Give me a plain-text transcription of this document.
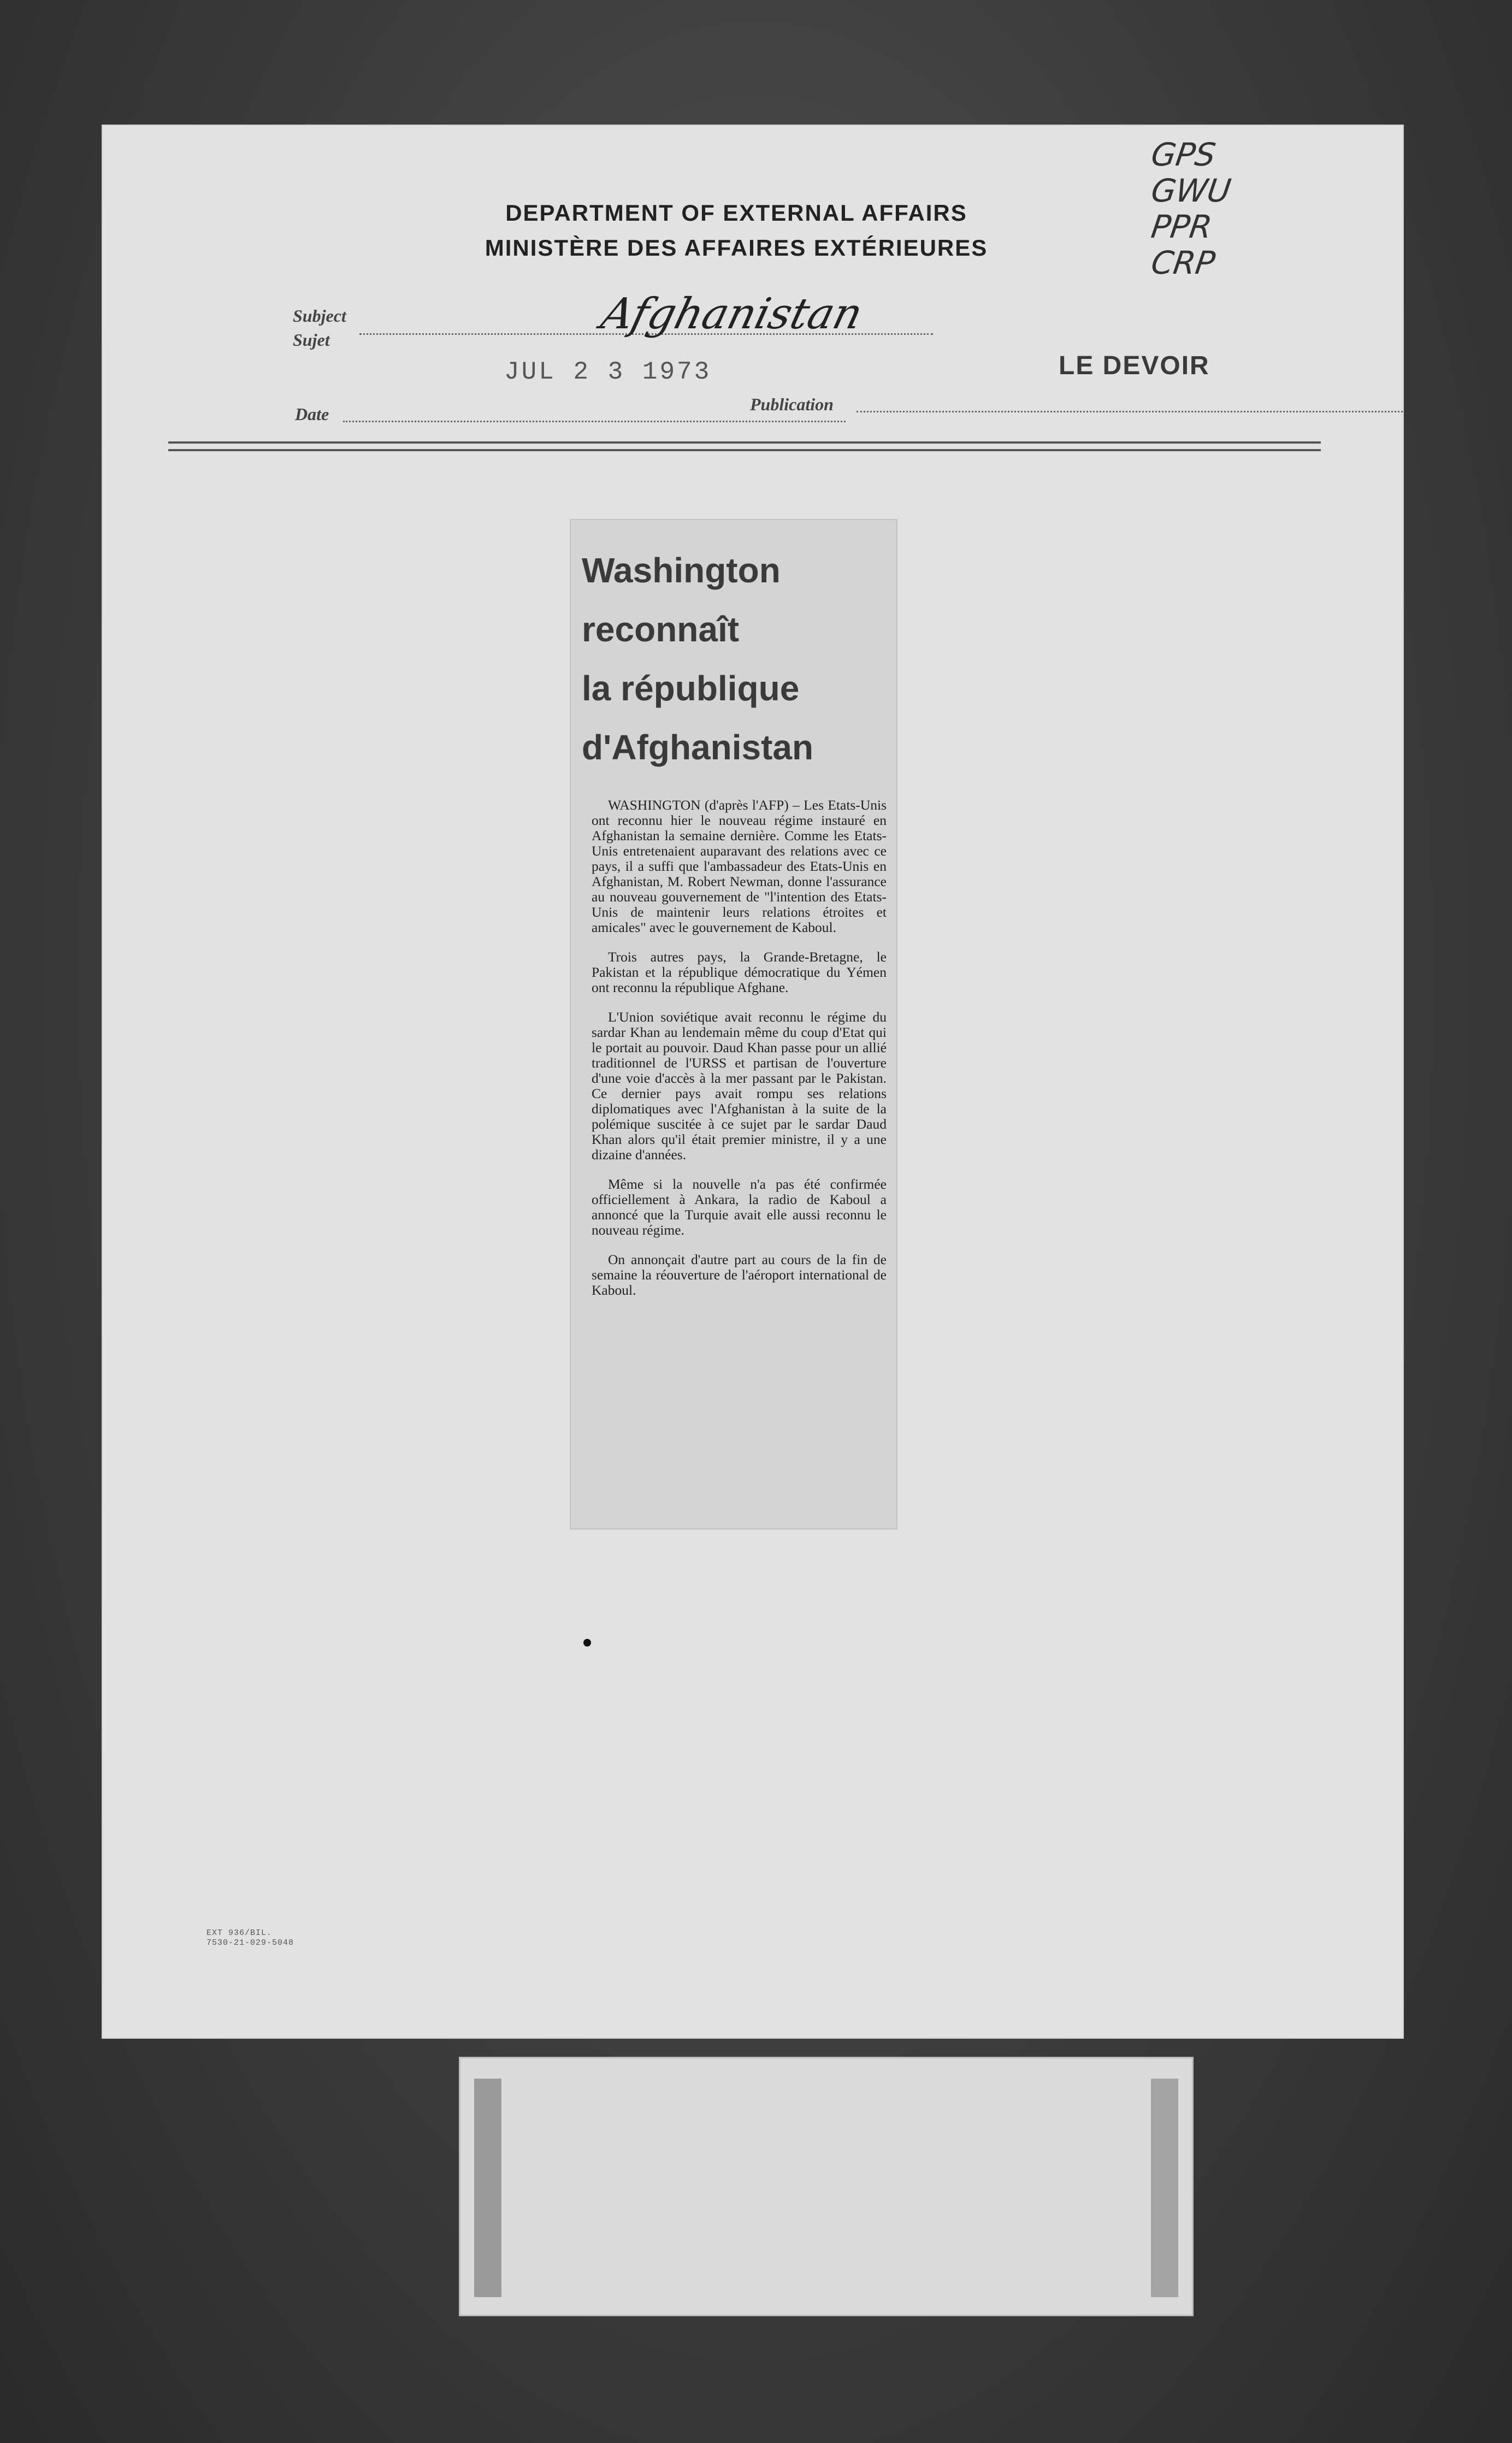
GPS
GWU
PPR
CRP
DEPARTMENT OF EXTERNAL AFFAIRS
MINISTÈRE DES AFFAIRES EXTÉRIEURES
Subject
Sujet
Afghanistan
JUL 2 3 1973	LE DEVOIR
Date	Publication
EXT 936/BIL.
7530-21-029-5048
Washington
reconnaît
la république
d'Afghanistan

WASHINGTON (d'après l'AFP) – Les Etats-Unis ont reconnu hier le nouveau régime instauré en Afghanistan la semaine dernière. Comme les Etats-Unis entretenaient auparavant des relations avec ce pays, il a suffi que l'ambassadeur des Etats-Unis en Afghanistan, M. Robert Newman, donne l'assurance au nouveau gouvernement de "l'intention des Etats-Unis de maintenir leurs relations étroites et amicales" avec le gouvernement de Kaboul.

Trois autres pays, la Grande-Bretagne, le Pakistan et la république démocratique du Yémen ont reconnu la république Afghane.

L'Union soviétique avait reconnu le régime du sardar Khan au lendemain même du coup d'Etat qui le portait au pouvoir. Daud Khan passe pour un allié traditionnel de l'URSS et partisan de l'ouverture d'une voie d'accès à la mer passant par le Pakistan. Ce dernier pays avait rompu ses relations diplomatiques avec l'Afghanistan à la suite de la polémique suscitée à ce sujet par le sardar Daud Khan alors qu'il était premier ministre, il y a une dizaine d'années.

Même si la nouvelle n'a pas été confirmée officiellement à Ankara, la radio de Kaboul a annoncé que la Turquie avait elle aussi reconnu le nouveau régime.

On annonçait d'autre part au cours de la fin de semaine la réouverture de l'aéroport international de Kaboul.
